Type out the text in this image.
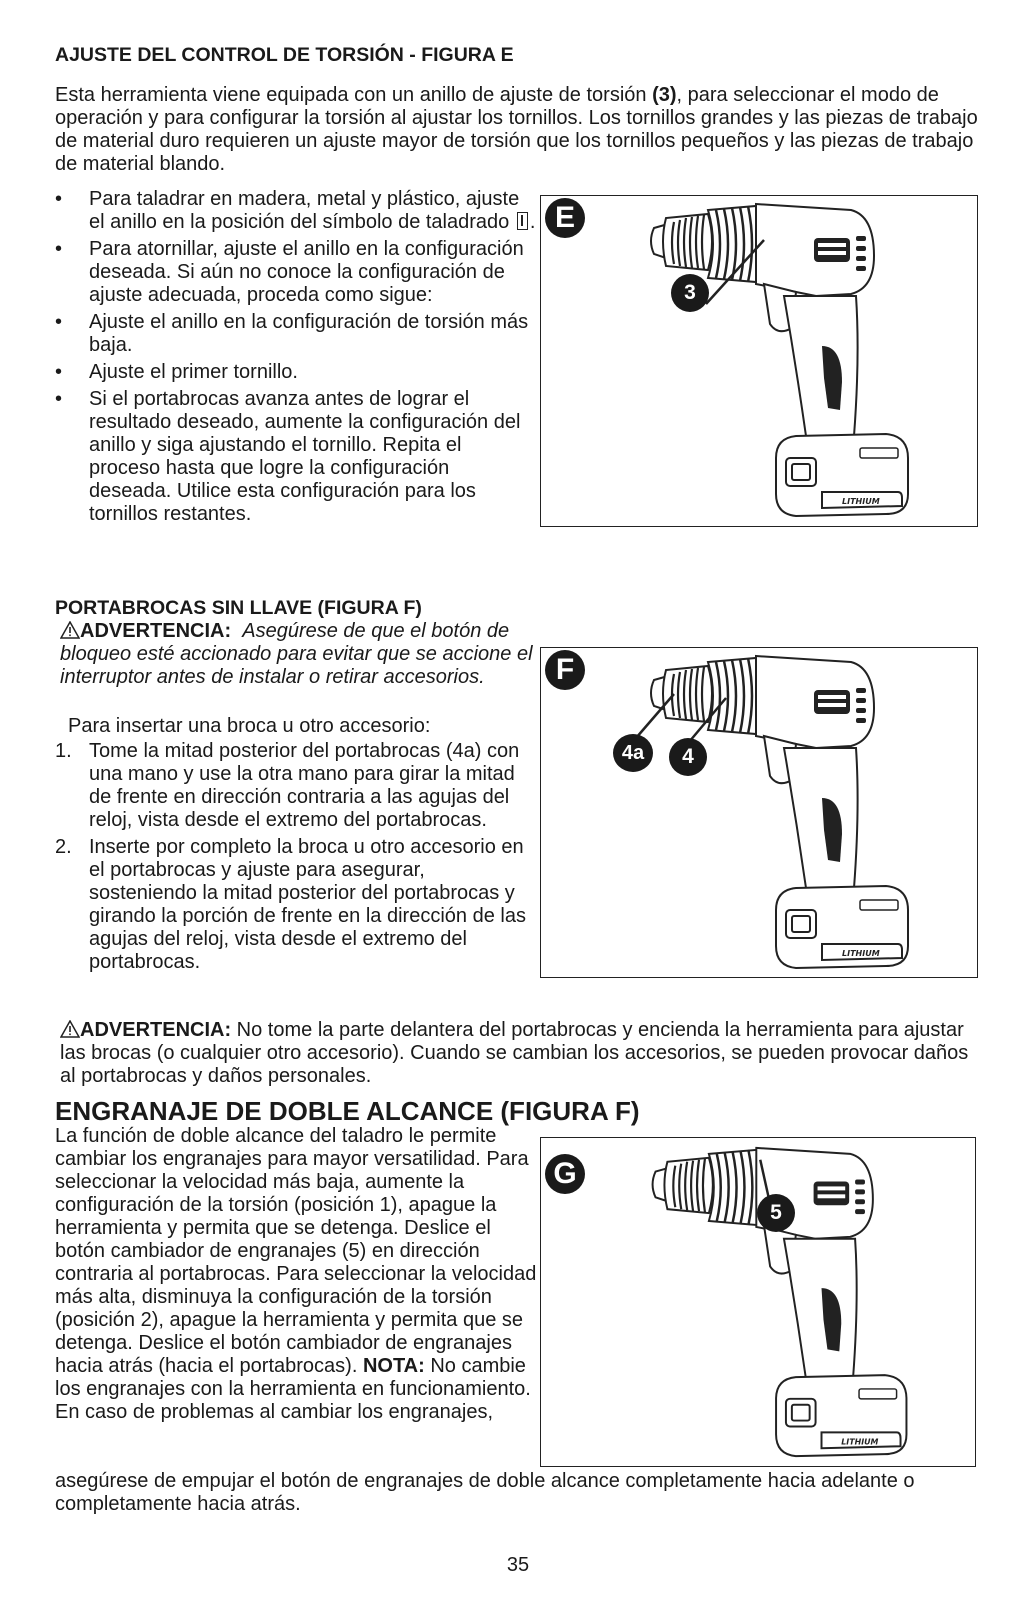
AJUSTE DEL CONTROL DE TORSIÓN - FIGURA E

Esta herramienta viene equipada con un anillo de ajuste de torsión (3), para seleccionar el modo de operación y para configurar la torsión al ajustar los tornillos. Los tornillos grandes y las piezas de trabajo de material duro requieren un ajuste mayor de torsión que los tornillos pequeños y las piezas de trabajo de material blando.

•	Para taladrar en madera, metal y plástico, ajuste el anillo en la posición del símbolo de taladrado .
•	Para atornillar, ajuste el anillo en la configuración deseada. Si aún no conoce la configuración de ajuste adecuada, proceda como sigue:
•	Ajuste el anillo en la configuración de torsión más baja.
•	Ajuste el primer tornillo.
•	Si el portabrocas avanza antes de lograr el resultado deseado, aumente la configuración del anillo y siga ajustando el tornillo. Repita el proceso hasta que logre la configuración deseada. Utilice esta configuración para los tornillos restantes.
E
3
PORTABROCAS SIN LLAVE (FIGURA F)
ADVERTENCIA: Asegúrese de que el botón de bloqueo esté accionado para evitar que se accione el interruptor antes de instalar o retirar accesorios.
Para insertar una broca u otro accesorio:
1. Tome la mitad posterior del portabrocas (4a) con una mano y use la otra mano para girar la mitad de frente en dirección contraria a las agujas del reloj, vista desde el extremo del portabrocas.
2. Inserte por completo la broca u otro accesorio en el portabrocas y ajuste para asegurar, sosteniendo la mitad posterior del portabrocas y girando la porción de frente en la dirección de las agujas del reloj, vista desde el extremo del portabrocas.
F
4a	4
ADVERTENCIA: No tome la parte delantera del portabrocas y encienda la herramienta para ajustar las brocas (o cualquier otro accesorio). Cuando se cambian los accesorios, se pueden provocar daños al portabrocas y daños personales.
ENGRANAJE DE DOBLE ALCANCE (FIGURA F)

La función de doble alcance del taladro le permite cambiar los engranajes para mayor versatilidad. Para seleccionar la velocidad más baja, aumente la configuración de la torsión (posición 1), apague la herramienta y permita que se detenga. Deslice el botón cambiador de engranajes (5) en dirección contraria al portabrocas. Para seleccionar la velocidad más alta, disminuya la configuración de la torsión (posición 2), apague la herramienta y permita que se detenga. Deslice el botón cambiador de engranajes hacia atrás (hacia el portabrocas). NOTA: No cambie los engranajes con la herramienta en funcionamiento. En caso de problemas al cambiar los engranajes,

asegúrese de empujar el botón de engranajes de doble alcance completamente hacia adelante o completamente hacia atrás.

G
5
35
